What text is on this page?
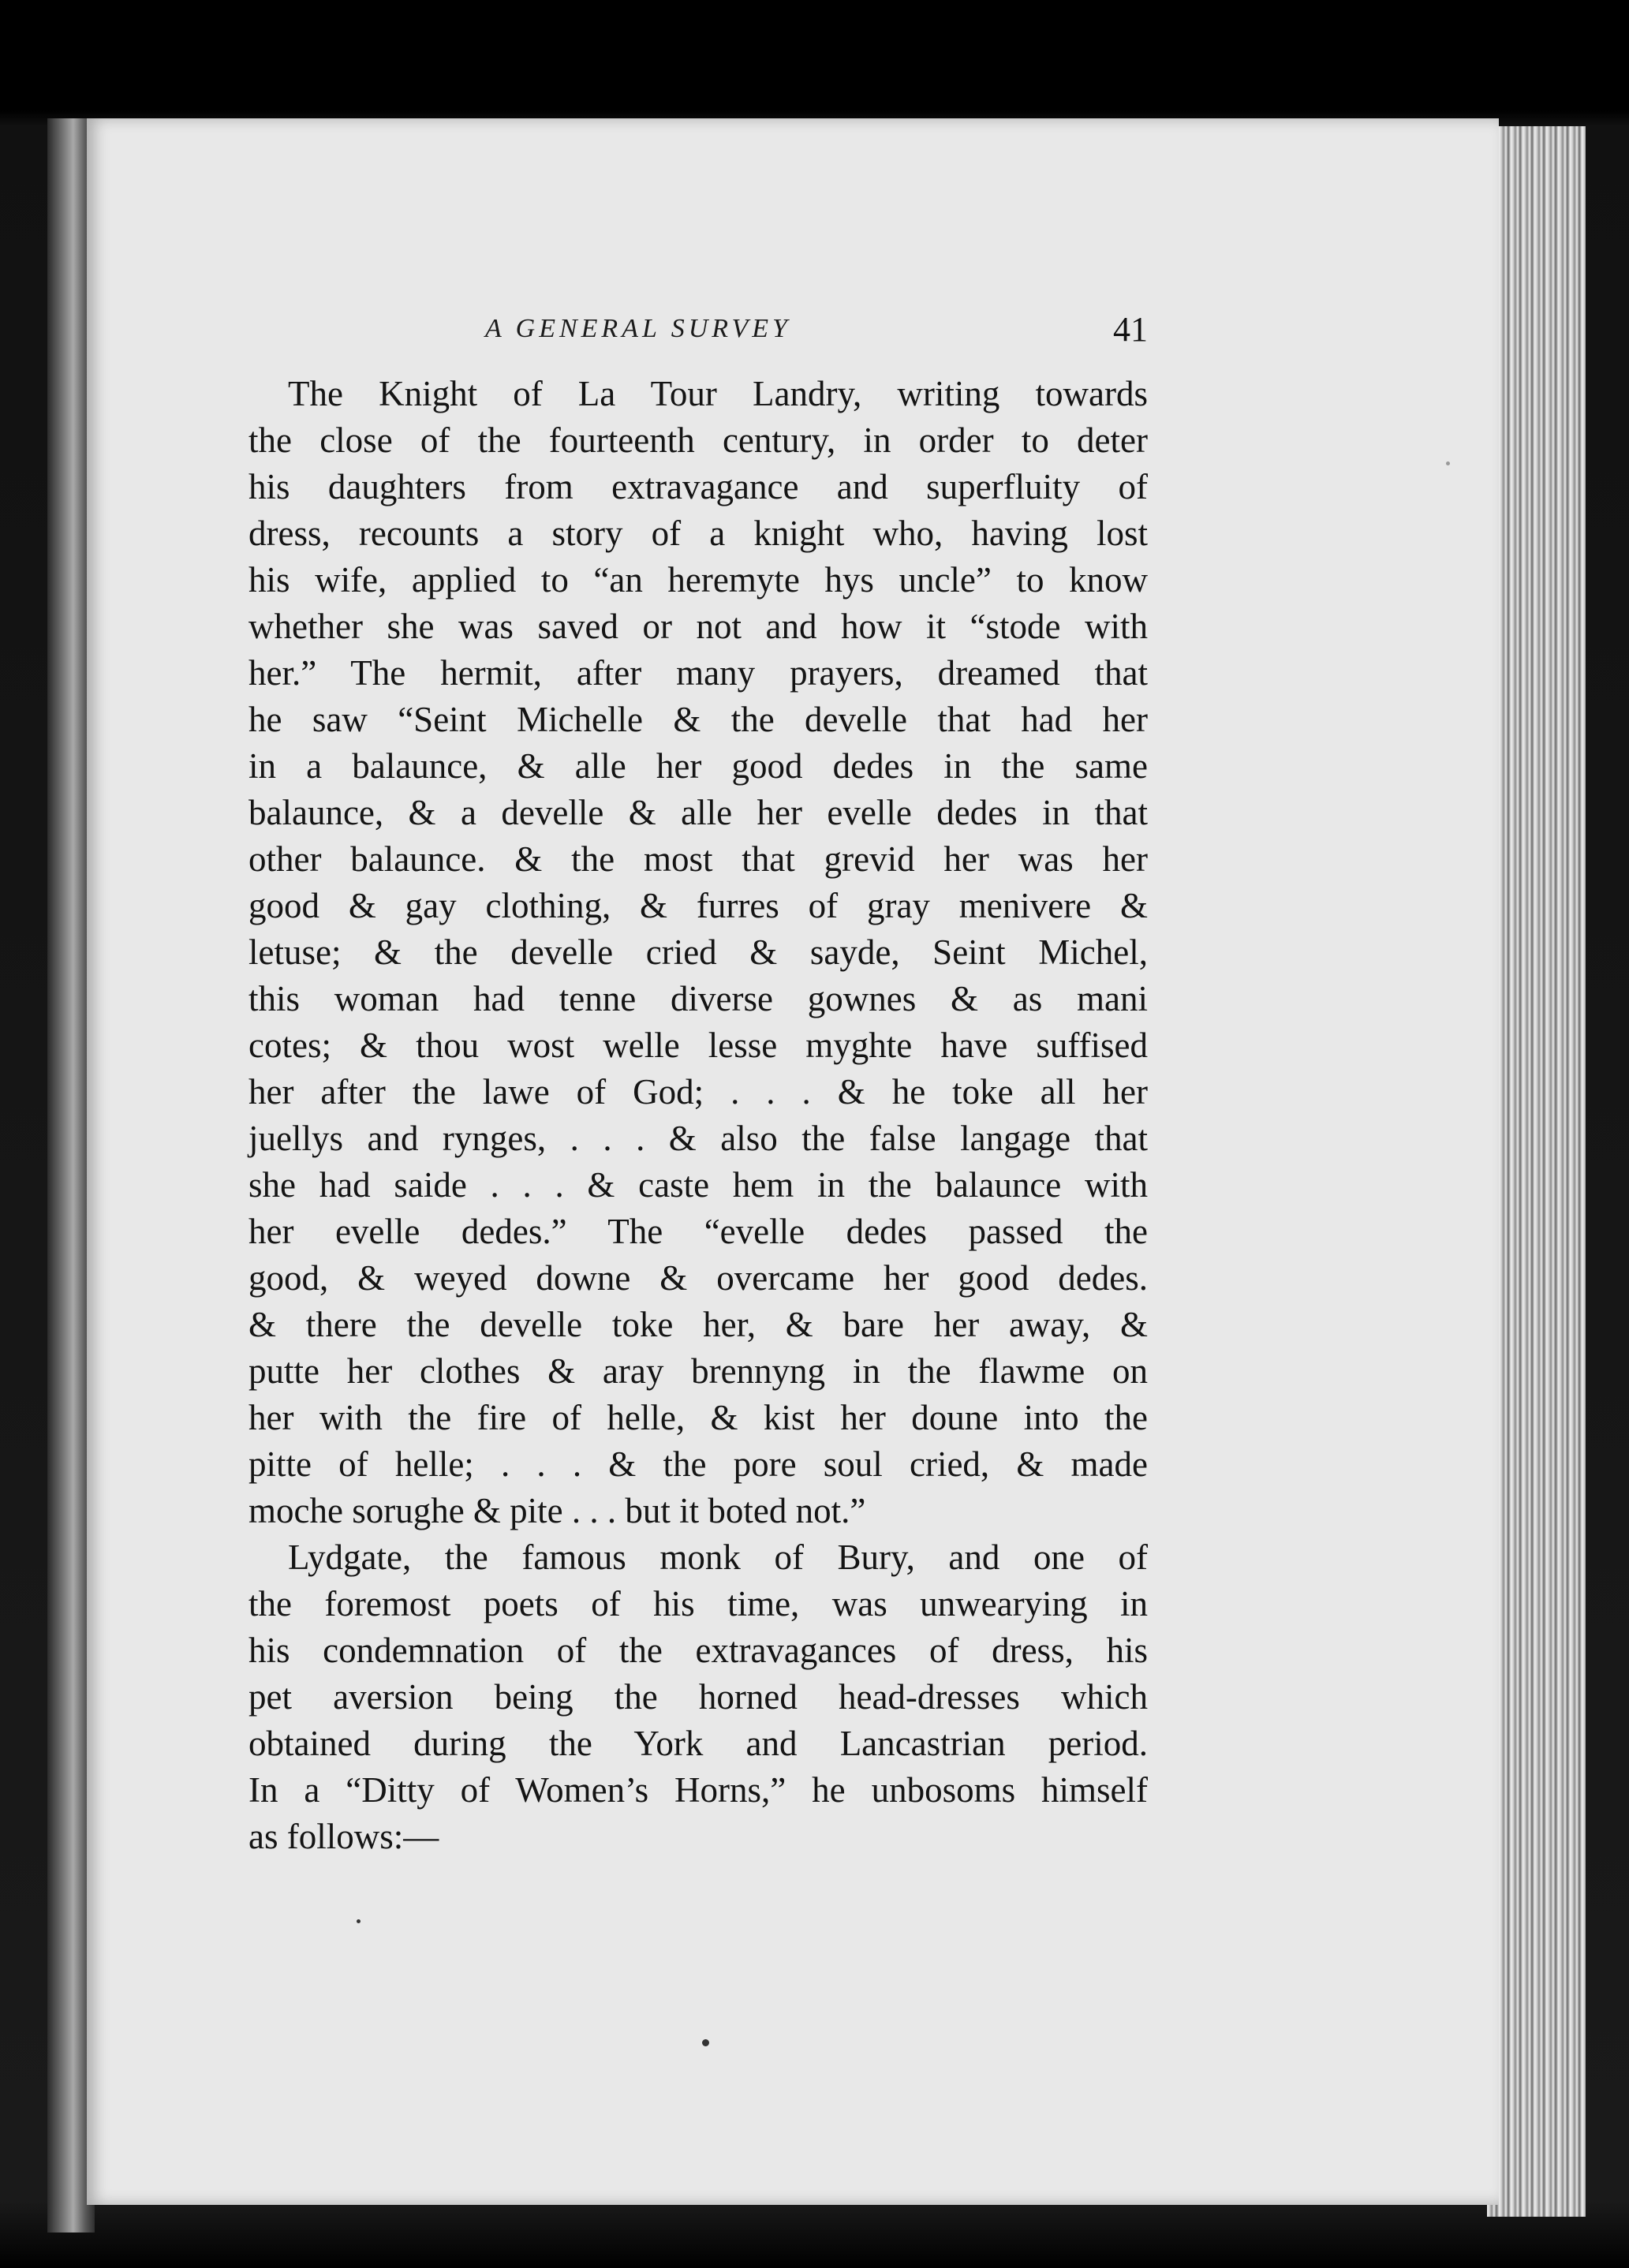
A GENERAL SURVEY	41
The Knight of La Tour Landry, writing towards
the close of the fourteenth century, in order to deter
his daughters from extravagance and superfluity of
dress, recounts a story of a knight who, having lost
his wife, applied to “an heremyte hys uncle” to know
whether she was saved or not and how it “stode with
her.” The hermit, after many prayers, dreamed that
he saw “Seint Michelle & the develle that had her
in a balaunce, & alle her good dedes in the same
balaunce, & a develle & alle her evelle dedes in that
other balaunce. & the most that grevid her was her
good & gay clothing, & furres of gray menivere &
letuse; & the develle cried & sayde, Seint Michel,
this woman had tenne diverse gownes & as mani
cotes; & thou wost welle lesse myghte have suffised
her after the lawe of God; . . . & he toke all her
juellys and rynges, . . . & also the false langage that
she had saide . . . & caste hem in the balaunce with
her evelle dedes.” The “evelle dedes passed the
good, & weyed downe & overcame her good dedes.
& there the develle toke her, & bare her away, &
putte her clothes & aray brennyng in the flawme on
her with the fire of helle, & kist her doune into the
pitte of helle; . . . & the pore soul cried, & made
moche sorughe & pite . . . but it boted not.”
Lydgate, the famous monk of Bury, and one of
the foremost poets of his time, was unwearying in
his condemnation of the extravagances of dress, his
pet aversion being the horned head-dresses which
obtained during the York and Lancastrian period.
In a “Ditty of Women’s Horns,” he unbosoms himself
as follows:—
